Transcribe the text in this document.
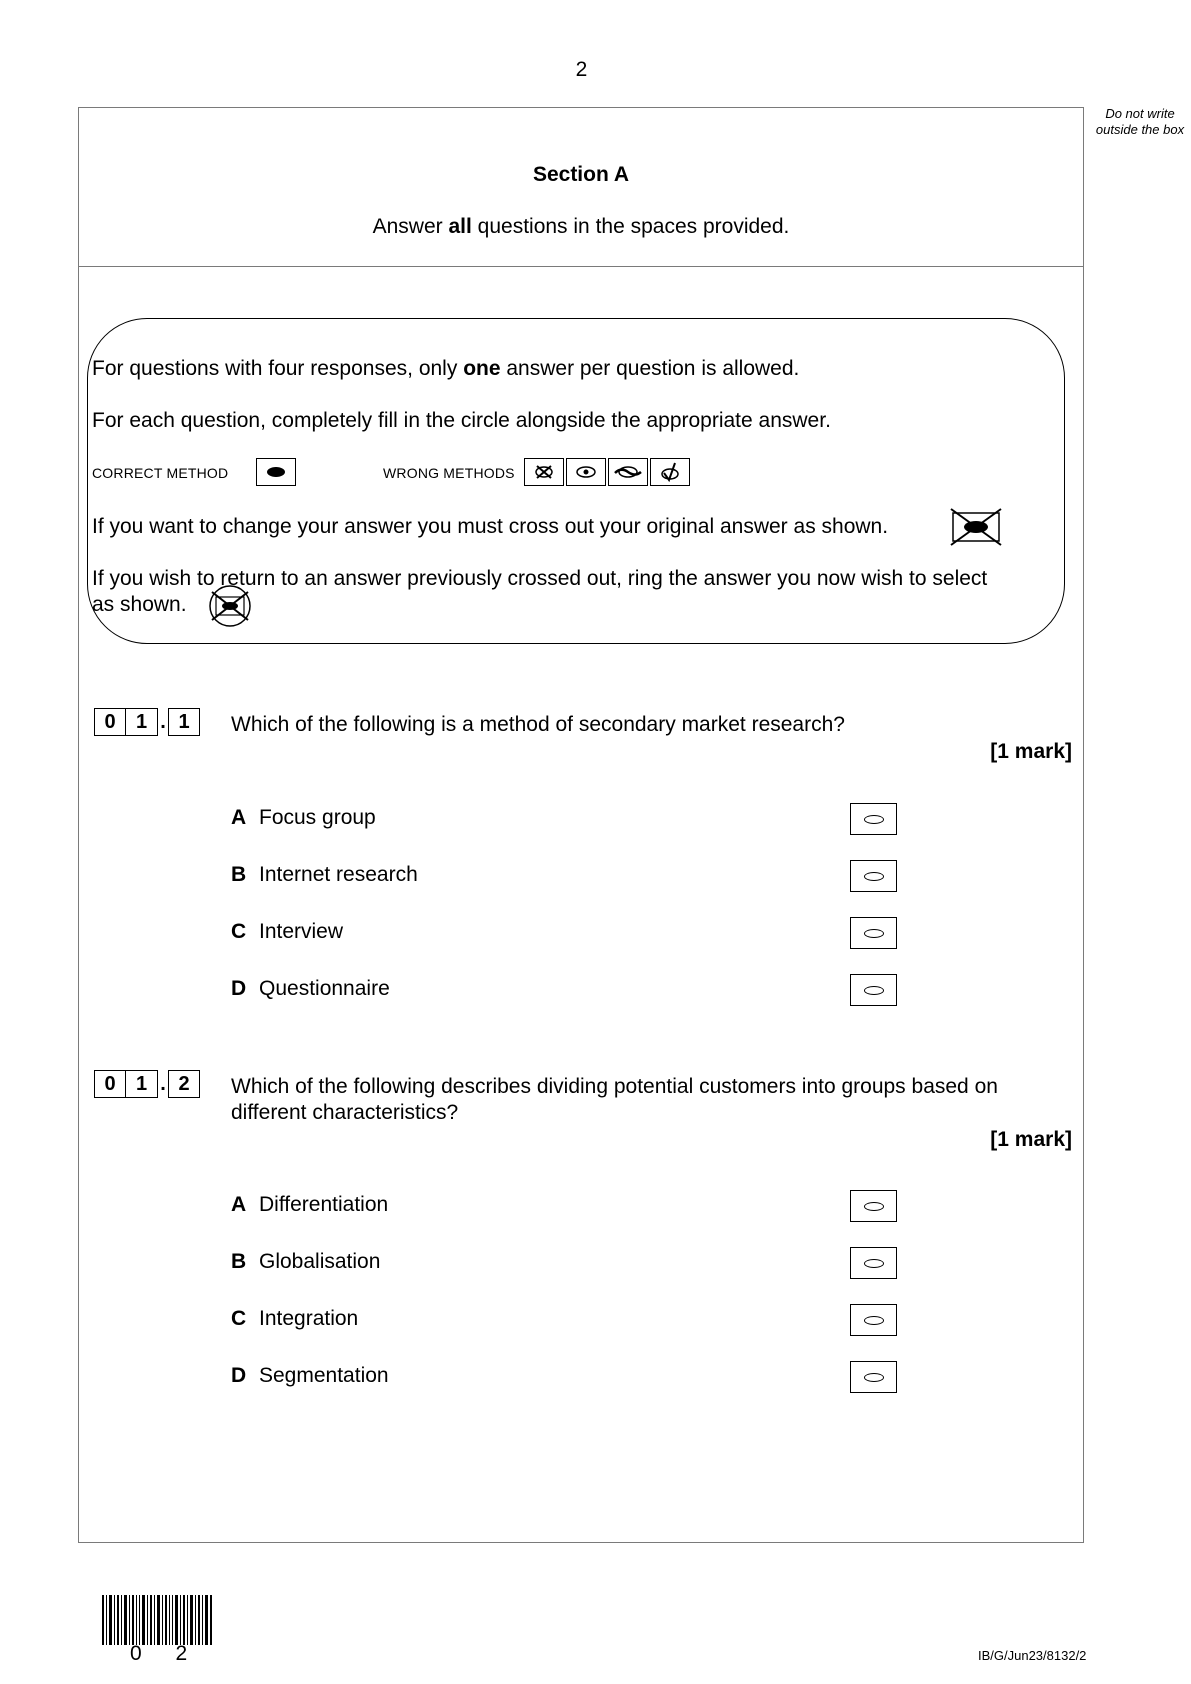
2
Do not write outside the box
Section A
Answer all questions in the spaces provided.
For questions with four responses, only one answer per question is allowed.
For each question, completely fill in the circle alongside the appropriate answer.
CORRECT METHOD	WRONG METHODS
If you want to change your answer you must cross out your original answer as shown.
If you wish to return to an answer previously crossed out, ring the answer you now wish to select
as shown.
0	1 . 1	Which of the following is a method of secondary market research?
[1 mark]
A Focus group
B Internet research
C Interview
D Questionnaire
0	1 . 2	Which of the following describes dividing potential customers into groups based on different characteristics?
[1 mark]
A Differentiation
B Globalisation
C Integration
D Segmentation
0 2	IB/G/Jun23/8132/2
